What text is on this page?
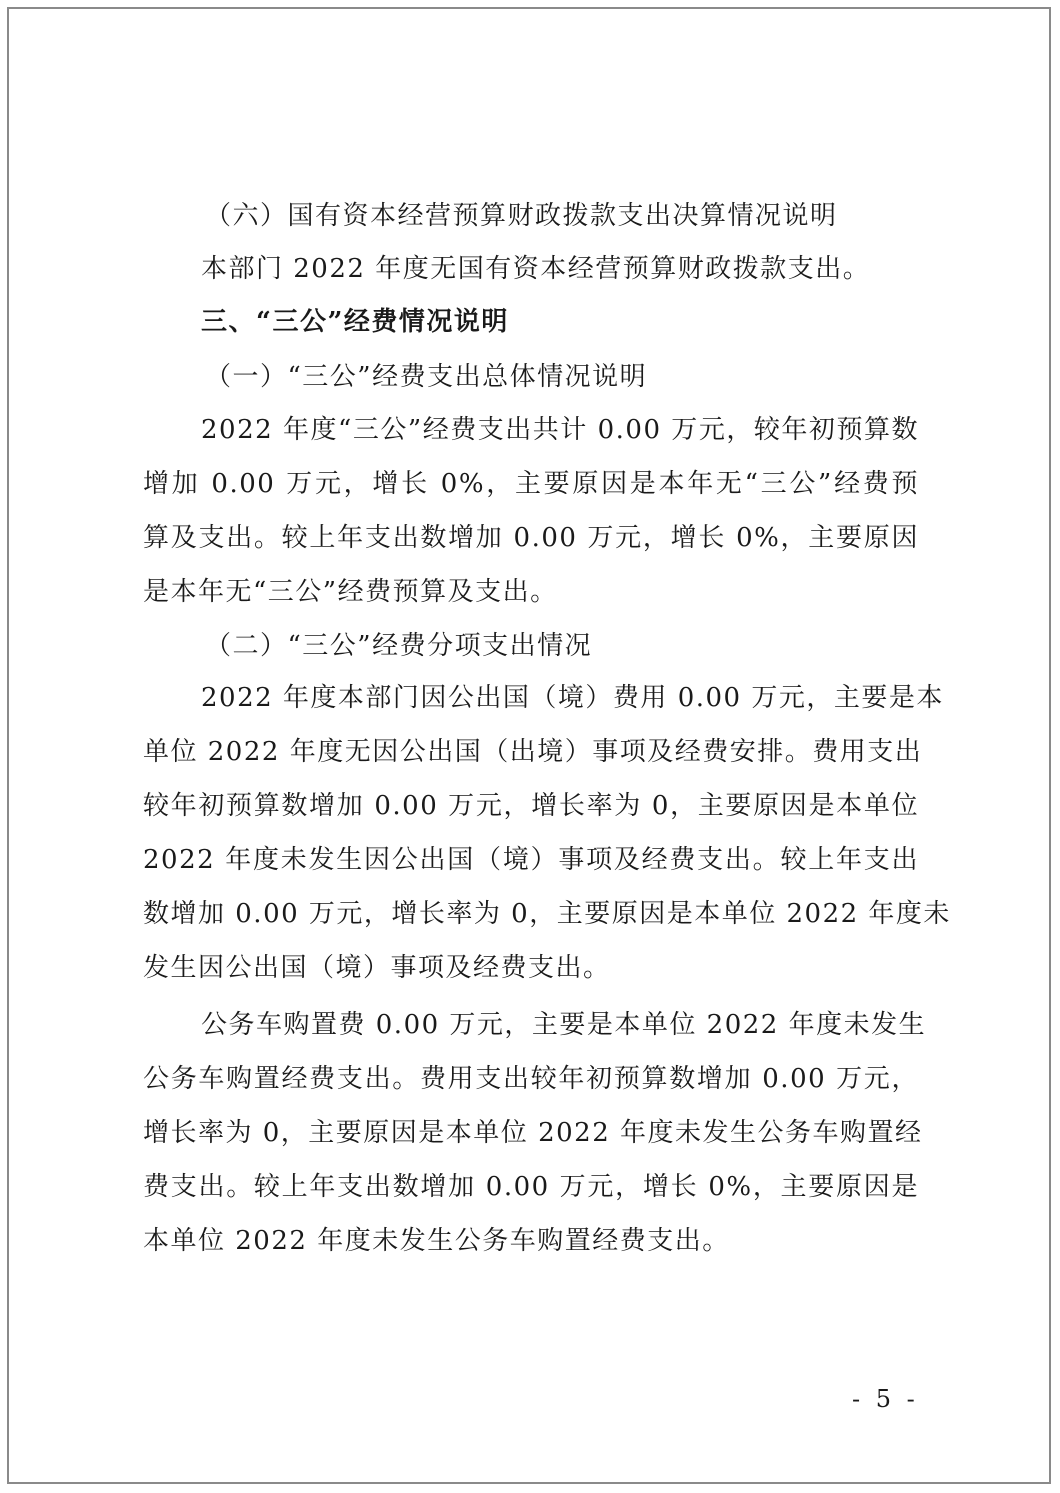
（六）国有资本经营预算财政拨款支出决算情况说明
本部门 2022 年度无国有资本经营预算财政拨款支出。
三、“三公”经费情况说明
（一）“三公”经费支出总体情况说明
2022 年度“三公”经费支出共计 0.00 万元，较年初预算数
增加 0.00 万元，增长 0%，主要原因是本年无“三公”经费预
算及支出。较上年支出数增加 0.00 万元，增长 0%，主要原因
是本年无“三公”经费预算及支出。
（二）“三公”经费分项支出情况
2022 年度本部门因公出国（境）费用 0.00 万元，主要是本
单位 2022 年度无因公出国（出境）事项及经费安排。费用支出
较年初预算数增加 0.00 万元，增长率为 0，主要原因是本单位
2022 年度未发生因公出国（境）事项及经费支出。较上年支出
数增加 0.00 万元，增长率为 0，主要原因是本单位 2022 年度未
发生因公出国（境）事项及经费支出。
公务车购置费 0.00 万元，主要是本单位 2022 年度未发生
公务车购置经费支出。费用支出较年初预算数增加 0.00 万元，
增长率为 0，主要原因是本单位 2022 年度未发生公务车购置经
费支出。较上年支出数增加 0.00 万元，增长 0%，主要原因是
本单位 2022 年度未发生公务车购置经费支出。
- 5 -
